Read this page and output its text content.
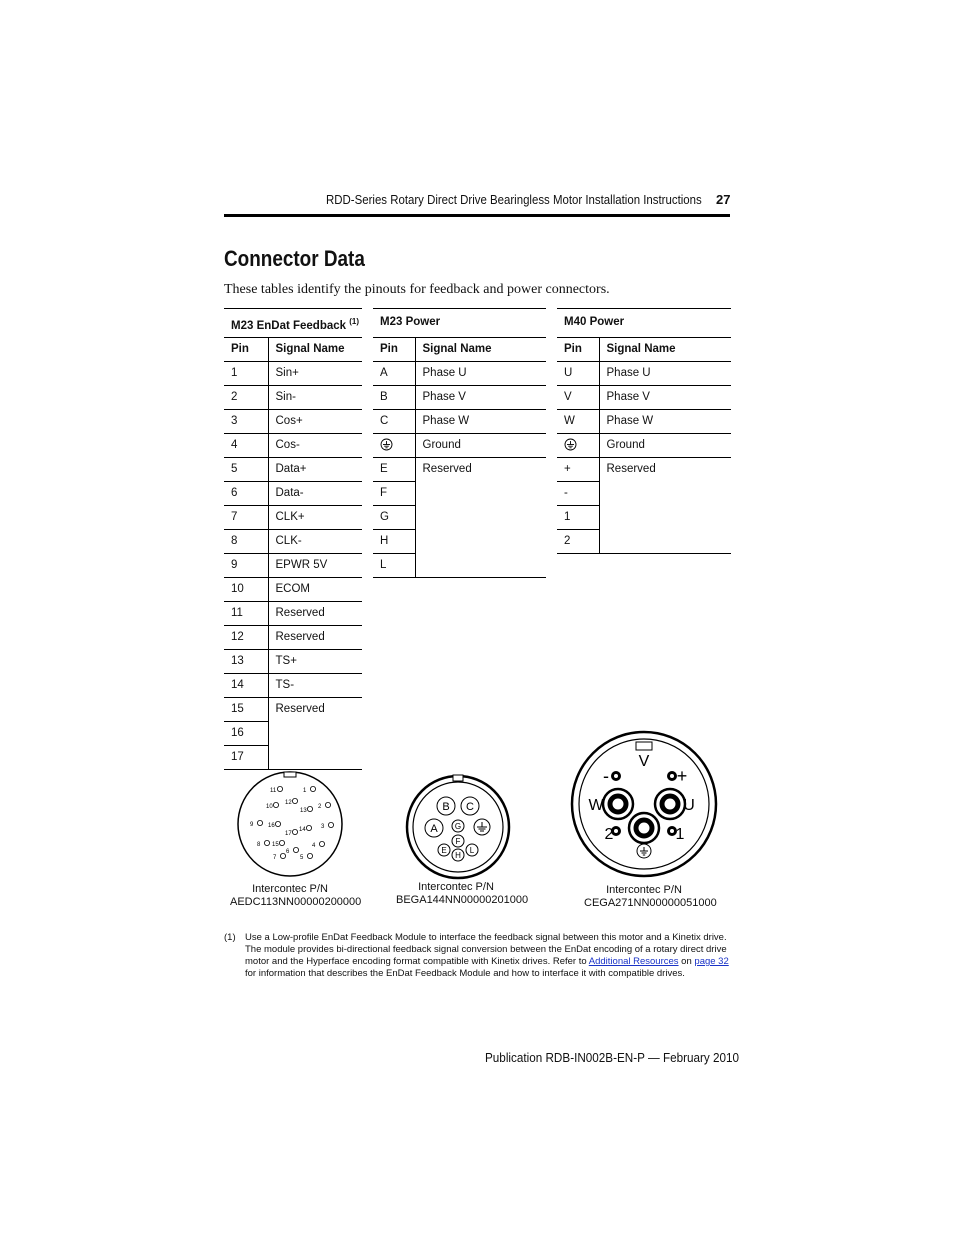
RDD-Series Rotary Direct Drive Bearingless Motor Installation Instructions 27
Connector Data
These tables identify the pinouts for feedback and power connectors.
M23 EnDat Feedback $^{(1)}$
Pin	Signal Name
1	Sin+
2	Sin-
3	Cos+
4	Cos-
5	Data+
6	Data-
7	CLK+
8	CLK-
9	EPWR 5V
10	ECOM
11	Reserved
12	Reserved
13	TS+
14	TS-
15	Reserved
16	
17	
M23 Power	
Pin	Signal Name
A	Phase U
B	Phase V
C	Phase W
	Ground
E	Reserved
F	
G	
H	
L	
M40 Power	
Pin	Signal Name
U	Phase U
V	Phase V
W	Phase W
	Ground
+	Reserved
-	
1	
2	
11	1
10
12
2
13
9 16
14	3
17
8 15	4
6
7	5
Intercontec P/N
AEDC113NN00000200000
B C
A G
F
E
H
L
Intercontec P/N
BEGA144NN00000201000
V
-	+
W	U
2	1
Intercontec P/N
CEGA271NN00000051000
(1) Use a Low-profile EnDat Feedback Module to interface the feedback signal between this motor and a Kinetix drive. The module provides bi-directional feedback signal conversion between the EnDat encoding of a rotary direct drive motor and the Hyperface encoding format compatible with Kinetix drives. Refer to Additional Resources on page 32 for information that describes the EnDat Feedback Module and how to interface it with compatible drives.
Publication RDB-IN002B-EN-P — February 2010
